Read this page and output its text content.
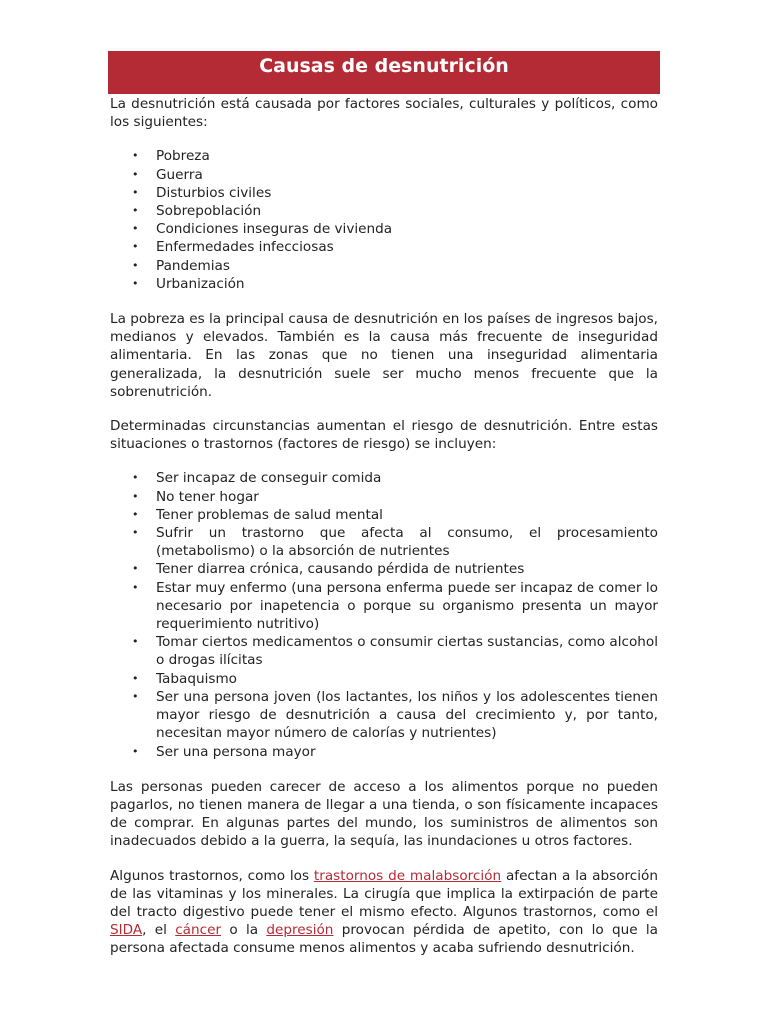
Causas de desnutrición

La desnutrición está causada por factores sociales, culturales y políticos, como los siguientes:

• Pobreza
• Guerra
• Disturbios civiles
• Sobrepoblación
• Condiciones inseguras de vivienda
• Enfermedades infecciosas
• Pandemias
• Urbanización

La pobreza es la principal causa de desnutrición en los países de ingresos bajos, medianos y elevados. También es la causa más frecuente de inseguridad alimentaria. En las zonas que no tienen una inseguridad alimentaria generalizada, la desnutrición suele ser mucho menos frecuente que la sobrenutrición.

Determinadas circunstancias aumentan el riesgo de desnutrición. Entre estas situaciones o trastornos (factores de riesgo) se incluyen:

• Ser incapaz de conseguir comida
• No tener hogar
• Tener problemas de salud mental
• Sufrir un trastorno que afecta al consumo, el procesamiento (metabolismo) o la absorción de nutrientes
• Tener diarrea crónica, causando pérdida de nutrientes
• Estar muy enfermo (una persona enferma puede ser incapaz de comer lo necesario por inapetencia o porque su organismo presenta un mayor requerimiento nutritivo)
• Tomar ciertos medicamentos o consumir ciertas sustancias, como alcohol o drogas ilícitas
• Tabaquismo
• Ser una persona joven (los lactantes, los niños y los adolescentes tienen mayor riesgo de desnutrición a causa del crecimiento y, por tanto, necesitan mayor número de calorías y nutrientes)
• Ser una persona mayor

Las personas pueden carecer de acceso a los alimentos porque no pueden pagarlos, no tienen manera de llegar a una tienda, o son físicamente incapaces de comprar. En algunas partes del mundo, los suministros de alimentos son inadecuados debido a la guerra, la sequía, las inundaciones u otros factores.

Algunos trastornos, como los trastornos de malabsorción afectan a la absorción de las vitaminas y los minerales. La cirugía que implica la extirpación de parte del tracto digestivo puede tener el mismo efecto. Algunos trastornos, como el SIDA, el cáncer o la depresión provocan pérdida de apetito, con lo que la persona afectada consume menos alimentos y acaba sufriendo desnutrición.
